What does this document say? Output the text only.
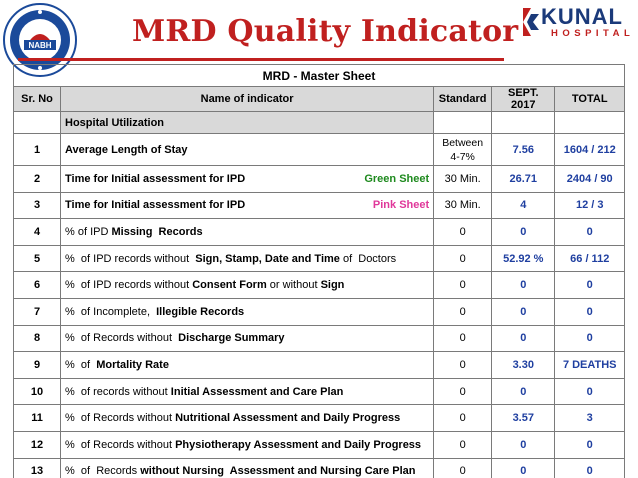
NABH	MRD Quality Indicator KUNAL
HOSPITAL
MRD - Master Sheet				
Sr. No	Name of indicator	Standard	SEPT. 2017	TOTAL
	Hospital Utilization			
1	Average Length of Stay	Between 4-7%	7.56	1604 / 212
2	Time for Initial assessment for IPD Green Sheet	30 Min.	26.71	2404 / 90
3	Time for Initial assessment for IPD Pink Sheet	30 Min.	4	12 / 3
4	% of IPD Missing  Records	0	0	0
5	%  of IPD records without  Sign, Stamp, Date and Time of  Doctors	0	52.92 %	66 / 112
6	%  of IPD records without Consent Form or without Sign	0	0	0
7	%  of Incomplete,  Illegible Records	0	0	0
8	%  of Records without  Discharge Summary	0	0	0
9	%  of  Mortality Rate	0	3.30	7 DEATHS
10	%  of records without Initial Assessment and Care Plan	0	0	0
11	%  of Records without Nutritional Assessment and Daily Progress	0	3.57	3
12	%  of Records without Physiotherapy Assessment and Daily Progress	0	0	0
13	%  of  Records without Nursing  Assessment and Nursing Care Plan	0	0	0
